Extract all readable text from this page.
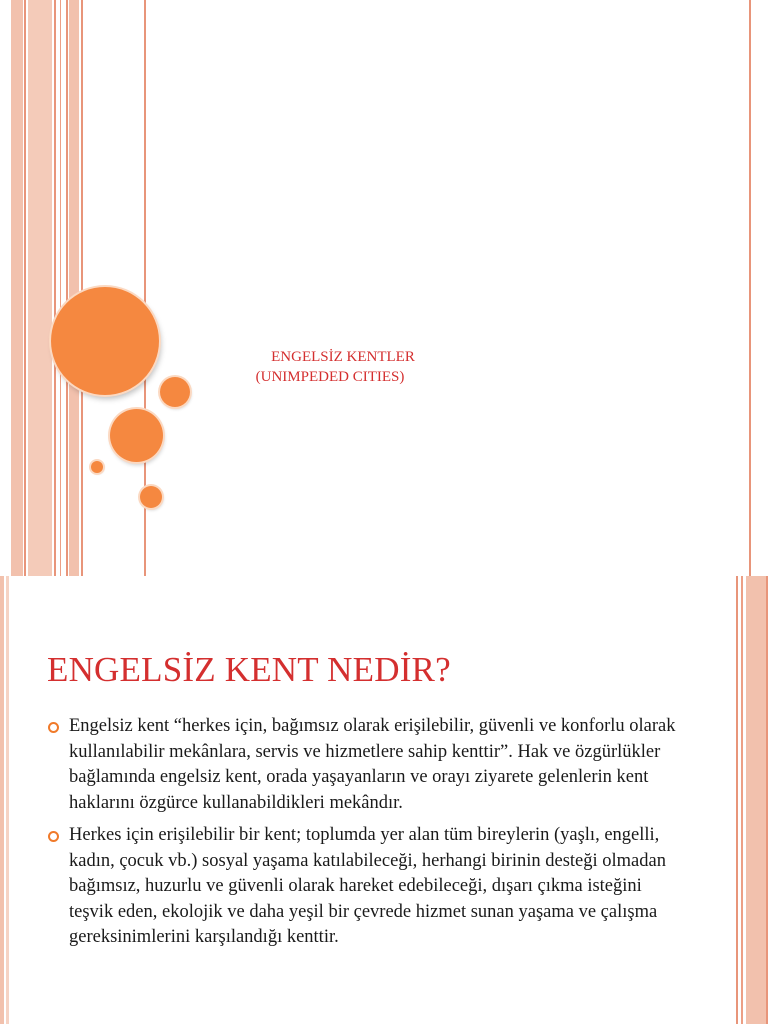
ENGELSİZ KENTLER
(UNIMPEDED CITIES)
ENGELSİZ KENT NEDİR?
Engelsiz kent “herkes için, bağımsız olarak erişilebilir, güvenli ve konforlu olarak kullanılabilir mekânlara, servis ve hizmetlere sahip kenttir”. Hak ve özgürlükler bağlamında engelsiz kent, orada yaşayanların ve orayı ziyarete gelenlerin kent haklarını özgürce kullanabildikleri mekândır.
Herkes için erişilebilir bir kent; toplumda yer alan tüm bireylerin (yaşlı, engelli, kadın, çocuk vb.) sosyal yaşama katılabileceği, herhangi birinin desteği olmadan bağımsız, huzurlu ve güvenli olarak hareket edebileceği, dışarı çıkma isteğini teşvik eden, ekolojik ve daha yeşil bir çevrede hizmet sunan yaşama ve çalışma gereksinimlerini karşılandığı kenttir.
